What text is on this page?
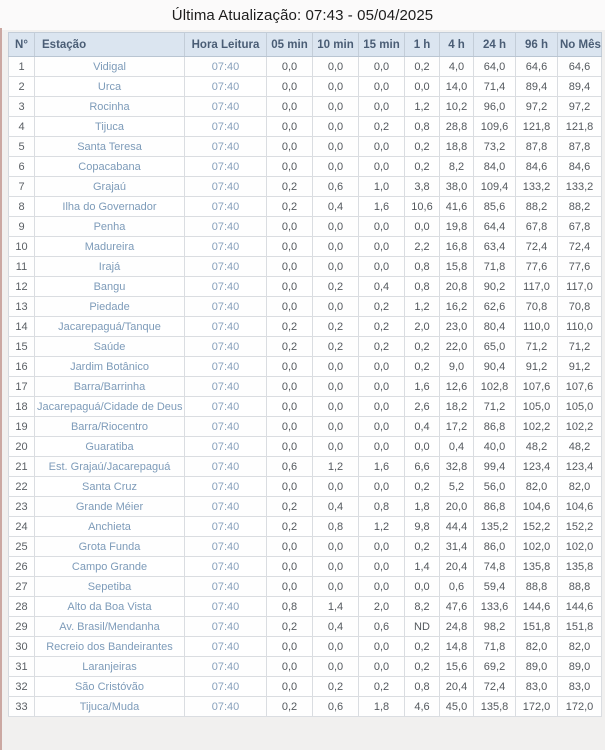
Última Atualização: 07:43 - 05/04/2025
N°	Estação	Hora Leitura	05 min	10 min	15 min	1 h	4 h	24 h	96 h	No Mês
1	Vidigal	07:40	0,0	0,0	0,0	0,2	4,0	64,0	64,6	64,6
2	Urca	07:40	0,0	0,0	0,0	0,0	14,0	71,4	89,4	89,4
3	Rocinha	07:40	0,0	0,0	0,0	1,2	10,2	96,0	97,2	97,2
4	Tijuca	07:40	0,0	0,0	0,2	0,8	28,8	109,6	121,8	121,8
5	Santa Teresa	07:40	0,0	0,0	0,0	0,2	18,8	73,2	87,8	87,8
6	Copacabana	07:40	0,0	0,0	0,0	0,2	8,2	84,0	84,6	84,6
7	Grajaú	07:40	0,2	0,6	1,0	3,8	38,0	109,4	133,2	133,2
8	Ilha do Governador	07:40	0,2	0,4	1,6	10,6	41,6	85,6	88,2	88,2
9	Penha	07:40	0,0	0,0	0,0	0,0	19,8	64,4	67,8	67,8
10	Madureira	07:40	0,0	0,0	0,0	2,2	16,8	63,4	72,4	72,4
11	Irajá	07:40	0,0	0,0	0,0	0,8	15,8	71,8	77,6	77,6
12	Bangu	07:40	0,0	0,2	0,4	0,8	20,8	90,2	117,0	117,0
13	Piedade	07:40	0,0	0,0	0,2	1,2	16,2	62,6	70,8	70,8
14	Jacarepaguá/Tanque	07:40	0,2	0,2	0,2	2,0	23,0	80,4	110,0	110,0
15	Saúde	07:40	0,2	0,2	0,2	0,2	22,0	65,0	71,2	71,2
16	Jardim Botânico	07:40	0,0	0,0	0,0	0,2	9,0	90,4	91,2	91,2
17	Barra/Barrinha	07:40	0,0	0,0	0,0	1,6	12,6	102,8	107,6	107,6
18	Jacarepaguá/Cidade de Deus	07:40	0,0	0,0	0,0	2,6	18,2	71,2	105,0	105,0
19	Barra/Riocentro	07:40	0,0	0,0	0,0	0,4	17,2	86,8	102,2	102,2
20	Guaratiba	07:40	0,0	0,0	0,0	0,0	0,4	40,0	48,2	48,2
21	Est. Grajaú/Jacarepaguá	07:40	0,6	1,2	1,6	6,6	32,8	99,4	123,4	123,4
22	Santa Cruz	07:40	0,0	0,0	0,0	0,2	5,2	56,0	82,0	82,0
23	Grande Méier	07:40	0,2	0,4	0,8	1,8	20,0	86,8	104,6	104,6
24	Anchieta	07:40	0,2	0,8	1,2	9,8	44,4	135,2	152,2	152,2
25	Grota Funda	07:40	0,0	0,0	0,0	0,2	31,4	86,0	102,0	102,0
26	Campo Grande	07:40	0,0	0,0	0,0	1,4	20,4	74,8	135,8	135,8
27	Sepetiba	07:40	0,0	0,0	0,0	0,0	0,6	59,4	88,8	88,8
28	Alto da Boa Vista	07:40	0,8	1,4	2,0	8,2	47,6	133,6	144,6	144,6
29	Av. Brasil/Mendanha	07:40	0,2	0,4	0,6	ND	24,8	98,2	151,8	151,8
30	Recreio dos Bandeirantes	07:40	0,0	0,0	0,0	0,2	14,8	71,8	82,0	82,0
31	Laranjeiras	07:40	0,0	0,0	0,0	0,2	15,6	69,2	89,0	89,0
32	São Cristóvão	07:40	0,0	0,2	0,2	0,8	20,4	72,4	83,0	83,0
33	Tijuca/Muda	07:40	0,2	0,6	1,8	4,6	45,0	135,8	172,0	172,0
